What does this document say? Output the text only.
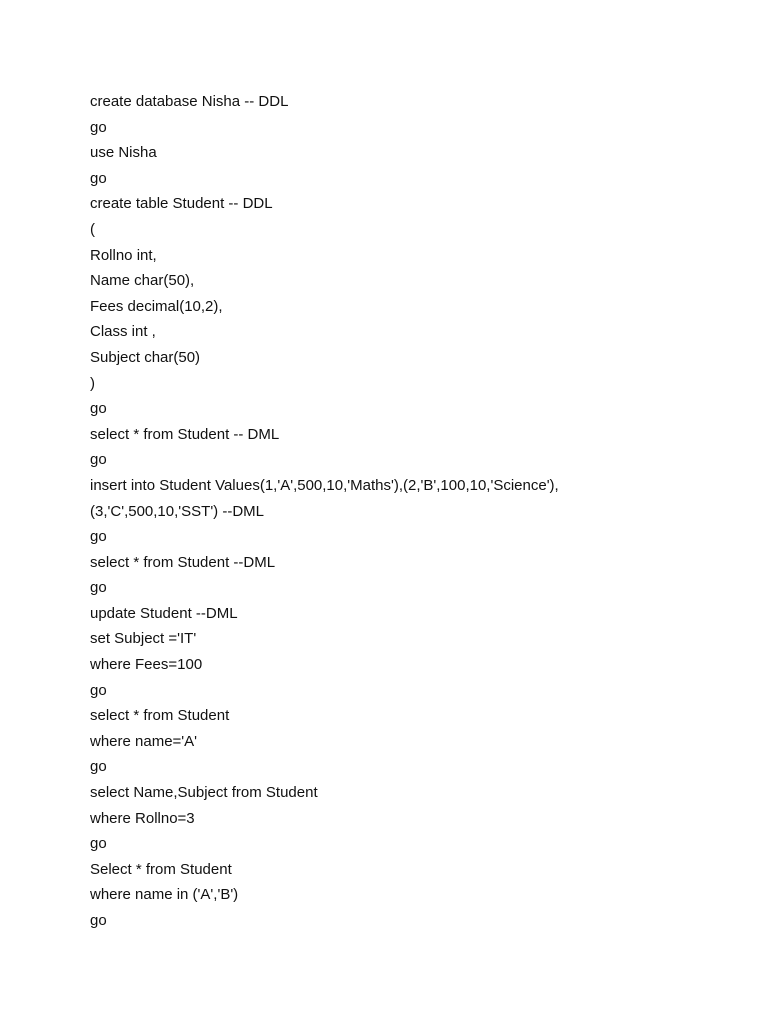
create database Nisha -- DDL
go
use Nisha
go
create table Student -- DDL
(
Rollno int,
Name char(50),
Fees decimal(10,2),
Class int ,
Subject char(50)
)
go
select * from Student -- DML
go
insert into Student Values(1,'A',500,10,'Maths'),(2,'B',100,10,'Science'),
(3,'C',500,10,'SST') --DML
go
select * from Student --DML
go
update Student --DML
set Subject ='IT'
where Fees=100
go
select * from Student
where name='A'
go
select Name,Subject from Student
where Rollno=3
go
Select * from Student
where name in ('A','B')
go
